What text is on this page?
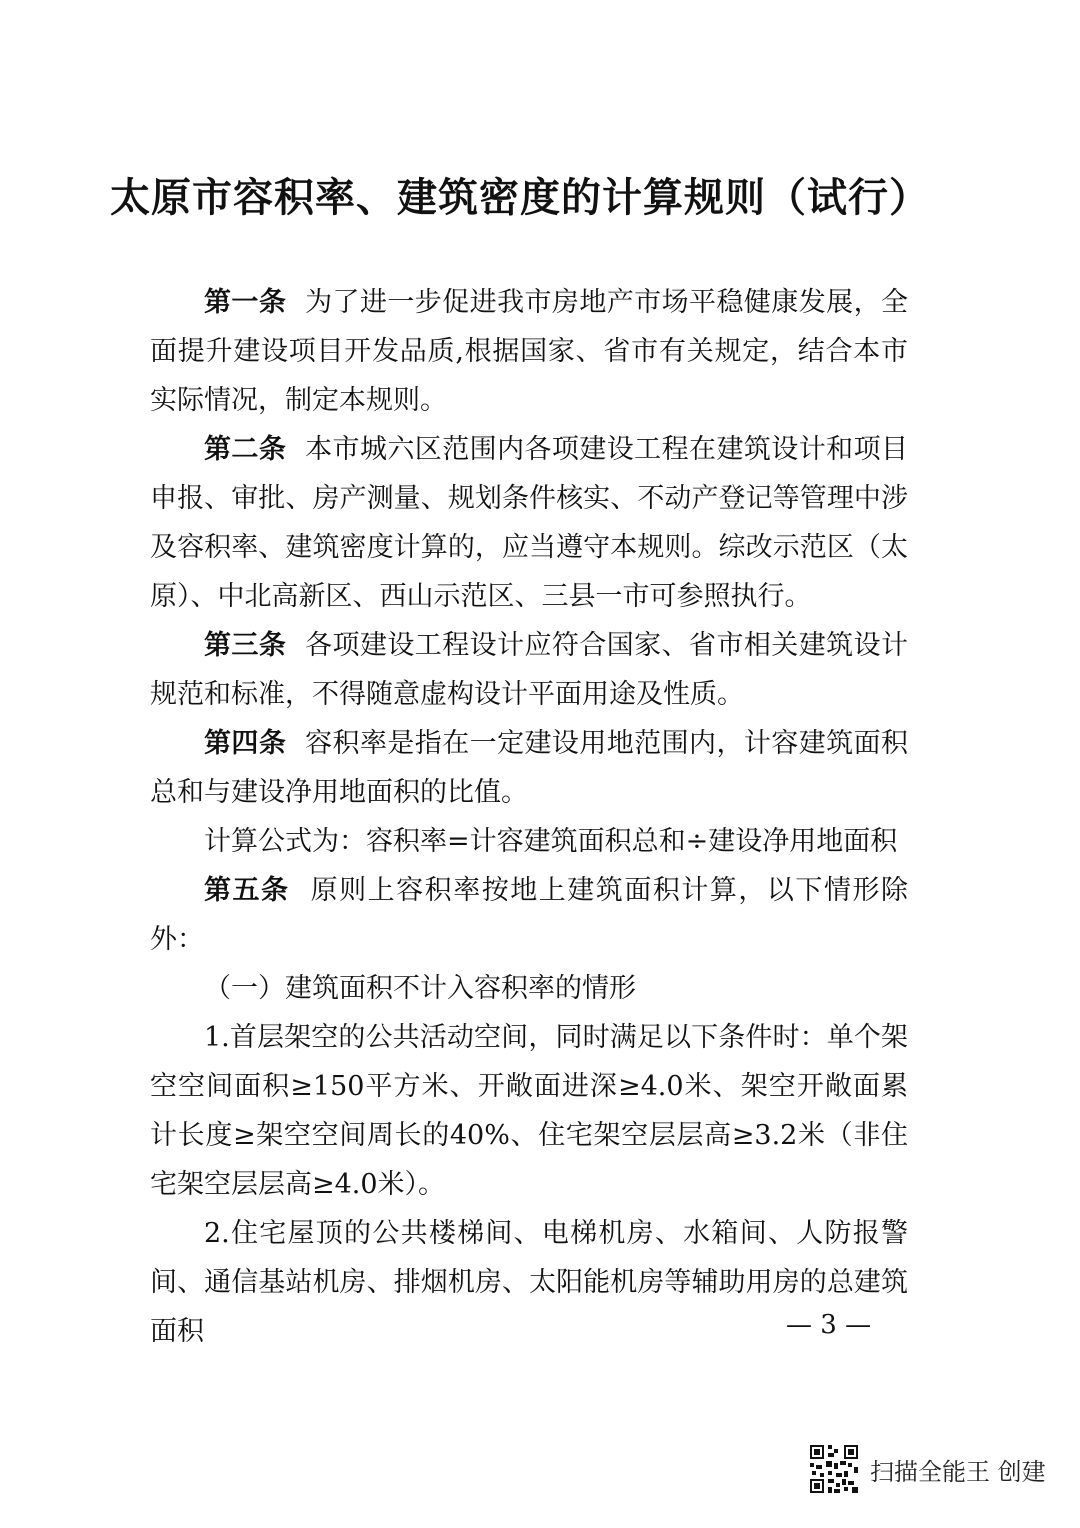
太原市容积率、建筑密度的计算规则（试行）

第一条  为了进一步促进我市房地产市场平稳健康发展，全面提升建设项目开发品质,根据国家、省市有关规定，结合本市实际情况，制定本规则。

第二条  本市城六区范围内各项建设工程在建筑设计和项目申报、审批、房产测量、规划条件核实、不动产登记等管理中涉及容积率、建筑密度计算的，应当遵守本规则。综改示范区（太原）、中北高新区、西山示范区、三县一市可参照执行。

第三条  各项建设工程设计应符合国家、省市相关建筑设计规范和标准，不得随意虚构设计平面用途及性质。

第四条  容积率是指在一定建设用地范围内，计容建筑面积总和与建设净用地面积的比值。

计算公式为：容积率=计容建筑面积总和÷建设净用地面积

第五条  原则上容积率按地上建筑面积计算，以下情形除外：

（一）建筑面积不计入容积率的情形

1.首层架空的公共活动空间，同时满足以下条件时：单个架空空间面积≥150平方米、开敞面进深≥4.0米、架空开敞面累计长度≥架空空间周长的40%、住宅架空层层高≥3.2米（非住宅架空层层高≥4.0米）。

2.住宅屋顶的公共楼梯间、电梯机房、水箱间、人防报警间、通信基站机房、排烟机房、太阳能机房等辅助用房的总建筑面积	— 3 —
扫描全能王 创建
